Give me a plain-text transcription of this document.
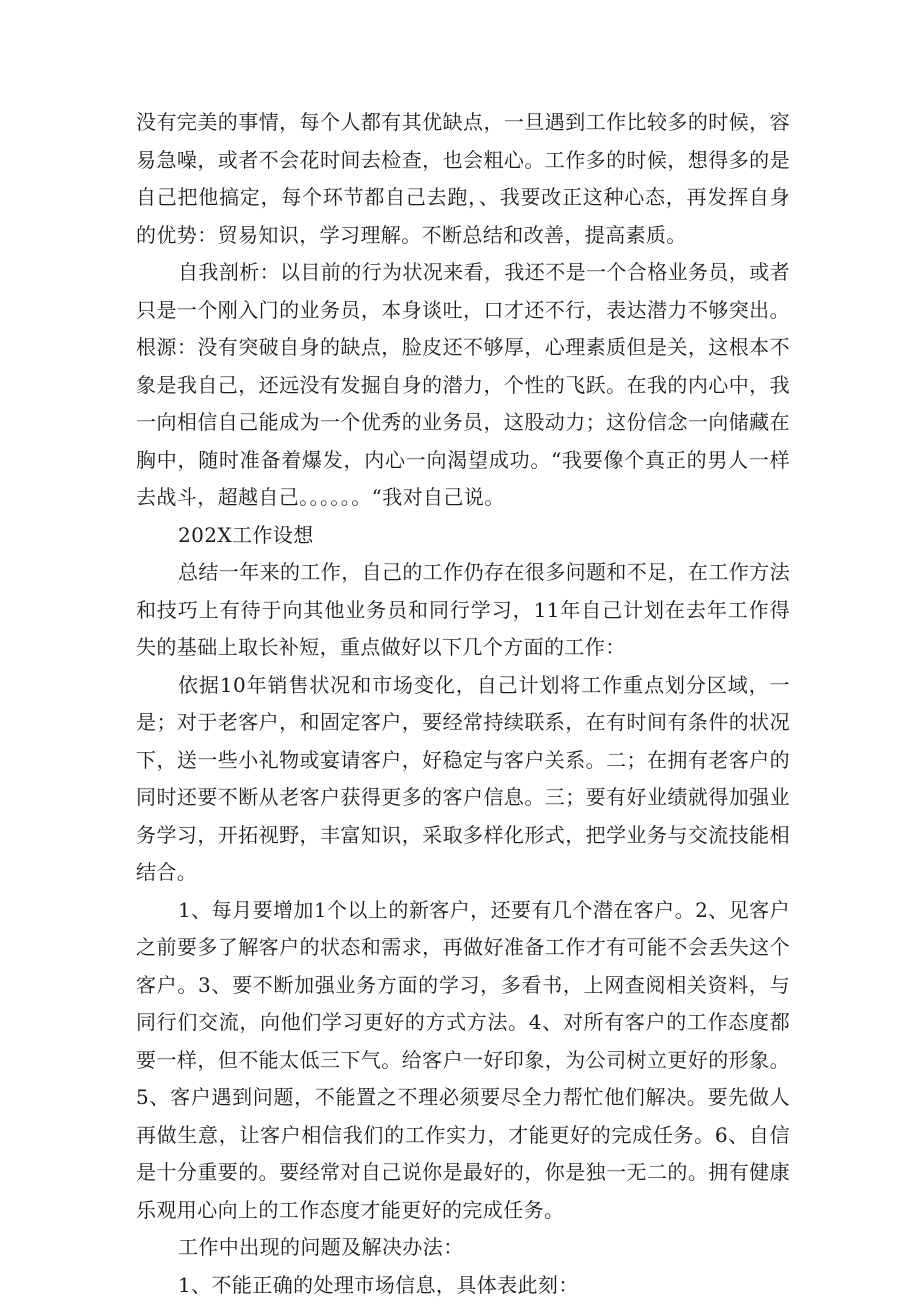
没有完美的事情，每个人都有其优缺点，一旦遇到工作比较多的时候，容易急噪，或者不会花时间去检查，也会粗心。工作多的时候，想得多的是自己把他搞定，每个环节都自己去跑，、我要改正这种心态，再发挥自身的优势：贸易知识，学习理解。不断总结和改善，提高素质。

自我剖析：以目前的行为状况来看，我还不是一个合格业务员，或者只是一个刚入门的业务员，本身谈吐，口才还不行，表达潜力不够突出。根源：没有突破自身的缺点，脸皮还不够厚，心理素质但是关，这根本不象是我自己，还远没有发掘自身的潜力，个性的飞跃。在我的内心中，我一向相信自己能成为一个优秀的业务员，这股动力；这份信念一向储藏在胸中，随时准备着爆发，内心一向渴望成功。“我要像个真正的男人一样去战斗，超越自己。。。。。。“我对自己说。

202X工作设想

总结一年来的工作，自己的工作仍存在很多问题和不足，在工作方法和技巧上有待于向其他业务员和同行学习，11年自己计划在去年工作得失的基础上取长补短，重点做好以下几个方面的工作：

依据10年销售状况和市场变化，自己计划将工作重点划分区域，一是；对于老客户，和固定客户，要经常持续联系，在有时间有条件的状况下，送一些小礼物或宴请客户，好稳定与客户关系。二；在拥有老客户的同时还要不断从老客户获得更多的客户信息。三；要有好业绩就得加强业务学习，开拓视野，丰富知识，采取多样化形式，把学业务与交流技能相结合。

1、每月要增加1个以上的新客户，还要有几个潜在客户。2、见客户之前要多了解客户的状态和需求，再做好准备工作才有可能不会丢失这个客户。3、要不断加强业务方面的学习，多看书，上网查阅相关资料，与同行们交流，向他们学习更好的方式方法。4、对所有客户的工作态度都要一样，但不能太低三下气。给客户一好印象，为公司树立更好的形象。5、客户遇到问题，不能置之不理必须要尽全力帮忙他们解决。要先做人再做生意，让客户相信我们的工作实力，才能更好的完成任务。6、自信是十分重要的。要经常对自己说你是最好的，你是独一无二的。拥有健康乐观用心向上的工作态度才能更好的完成任务。

工作中出现的问题及解决办法：

1、不能正确的处理市场信息，具体表此刻：
